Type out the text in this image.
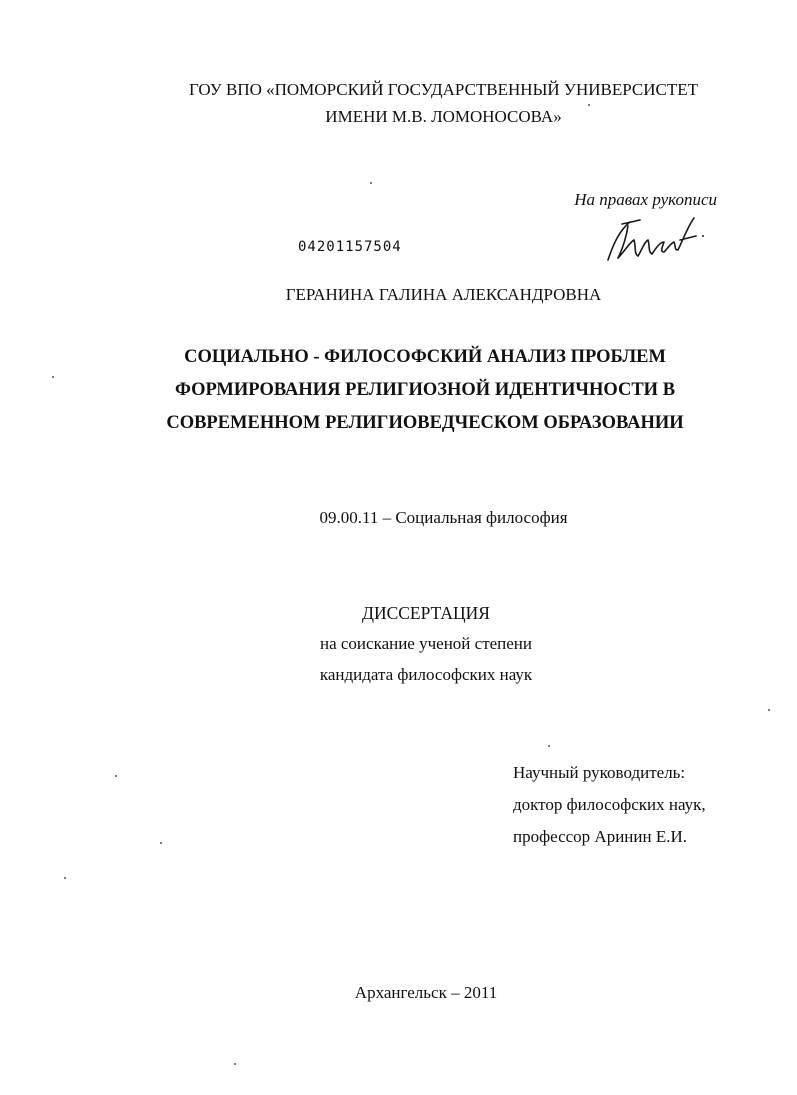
ГОУ ВПО «ПОМОРСКИЙ ГОСУДАРСТВЕННЫЙ УНИВЕРСИСТЕТ
ИМЕНИ М.В. ЛОМОНОСОВА»
На правах рукописи
04201157504
ГЕРАНИНА ГАЛИНА АЛЕКСАНДРОВНА
СОЦИАЛЬНО - ФИЛОСОФСКИЙ АНАЛИЗ ПРОБЛЕМ
ФОРМИРОВАНИЯ РЕЛИГИОЗНОЙ ИДЕНТИЧНОСТИ В
СОВРЕМЕННОМ РЕЛИГИОВЕДЧЕСКОМ ОБРАЗОВАНИИ
09.00.11 – Социальная философия
ДИССЕРТАЦИЯ
на соискание ученой степени
кандидата философских наук
Научный руководитель:
доктор философских наук,
профессор Аринин Е.И.
Архангельск – 2011
